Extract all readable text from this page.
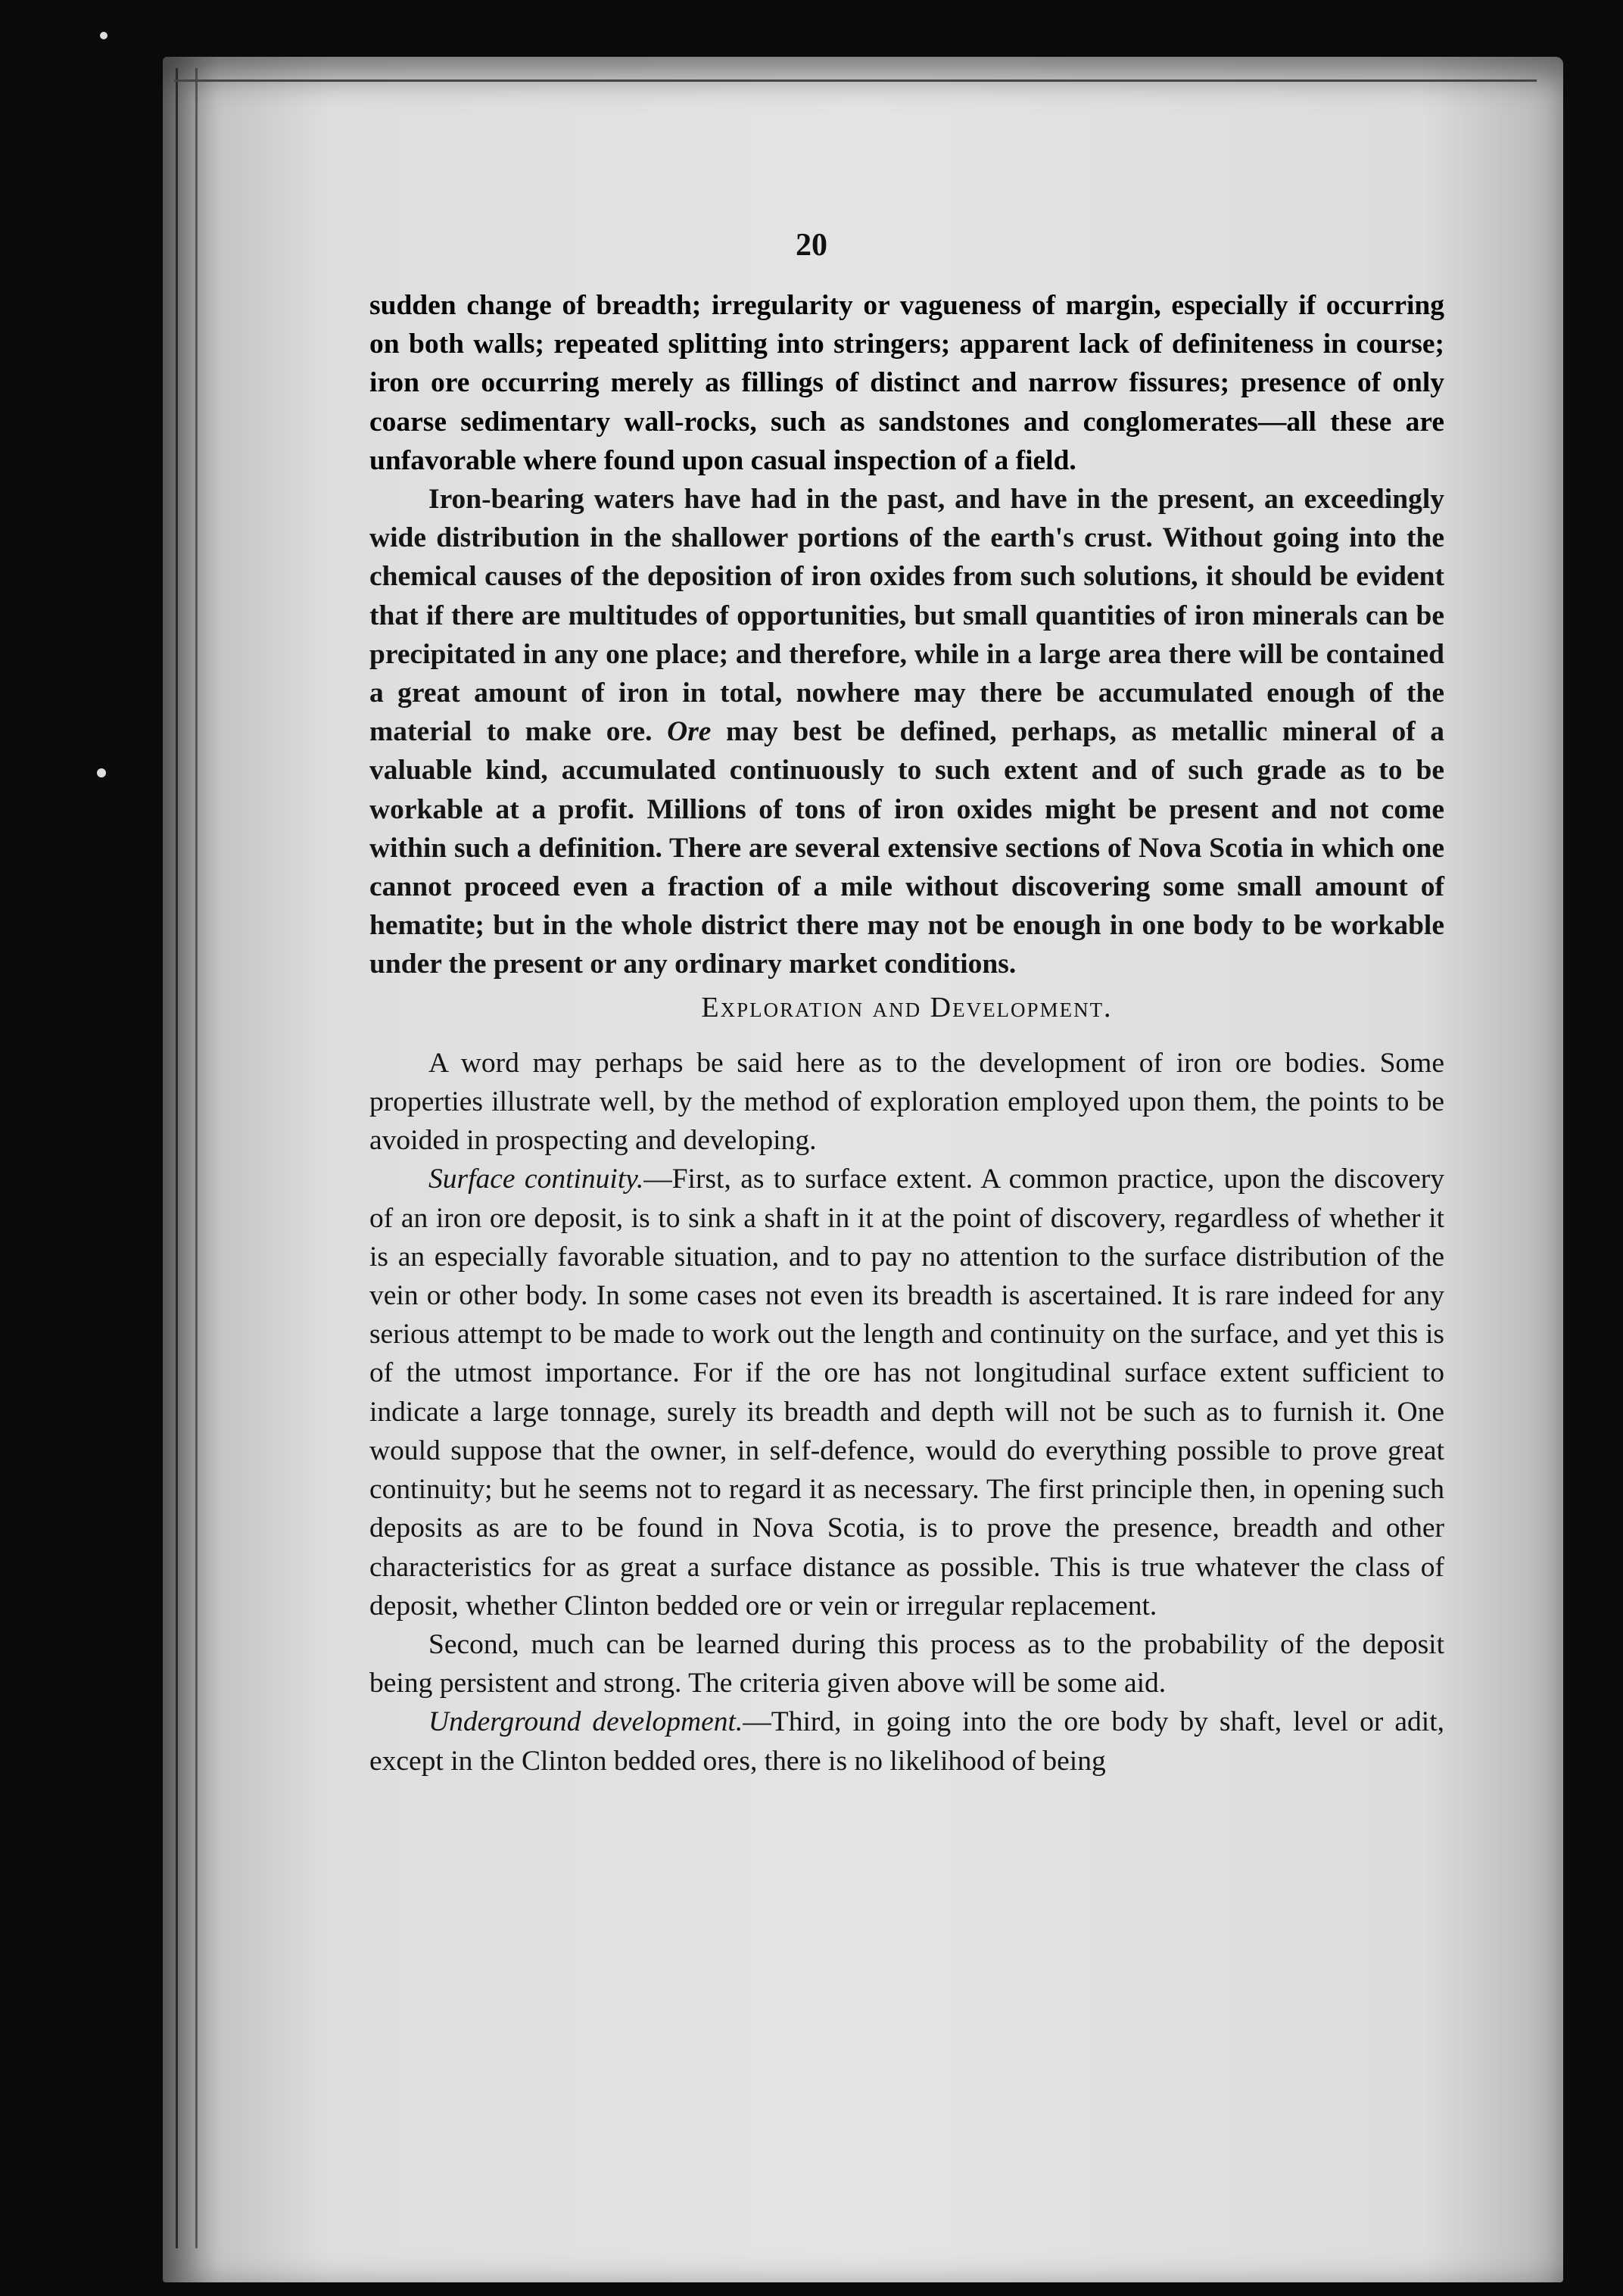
20

sudden change of breadth; irregularity or vagueness of margin, especially if occurring on both walls; repeated splitting into stringers; apparent lack of definiteness in course; iron ore occurring merely as fillings of distinct and narrow fissures; presence of only coarse sedimentary wall-rocks, such as sandstones and conglomerates—all these are unfavorable where found upon casual inspection of a field.

Iron-bearing waters have had in the past, and have in the present, an exceedingly wide distribution in the shallower portions of the earth's crust. Without going into the chemical causes of the deposition of iron oxides from such solutions, it should be evident that if there are multitudes of opportunities, but small quantities of iron minerals can be precipitated in any one place; and therefore, while in a large area there will be contained a great amount of iron in total, nowhere may there be accumulated enough of the material to make ore. Ore may best be defined, perhaps, as metallic mineral of a valuable kind, accumulated continuously to such extent and of such grade as to be workable at a profit. Millions of tons of iron oxides might be present and not come within such a definition. There are several extensive sections of Nova Scotia in which one cannot proceed even a fraction of a mile without discovering some small amount of hematite; but in the whole district there may not be enough in one body to be workable under the present or any ordinary market conditions.

Exploration and Development.

A word may perhaps be said here as to the development of iron ore bodies. Some properties illustrate well, by the method of exploration employed upon them, the points to be avoided in prospecting and developing.

Surface continuity.—First, as to surface extent. A common practice, upon the discovery of an iron ore deposit, is to sink a shaft in it at the point of discovery, regardless of whether it is an especially favorable situation, and to pay no attention to the surface distribution of the vein or other body. In some cases not even its breadth is ascertained. It is rare indeed for any serious attempt to be made to work out the length and continuity on the surface, and yet this is of the utmost importance. For if the ore has not longitudinal surface extent sufficient to indicate a large tonnage, surely its breadth and depth will not be such as to furnish it. One would suppose that the owner, in self-defence, would do everything possible to prove great continuity; but he seems not to regard it as necessary. The first principle then, in opening such deposits as are to be found in Nova Scotia, is to prove the presence, breadth and other characteristics for as great a surface distance as possible. This is true whatever the class of deposit, whether Clinton bedded ore or vein or irregular replacement.

Second, much can be learned during this process as to the probability of the deposit being persistent and strong. The criteria given above will be some aid.

Underground development.—Third, in going into the ore body by shaft, level or adit, except in the Clinton bedded ores, there is no likelihood of being
